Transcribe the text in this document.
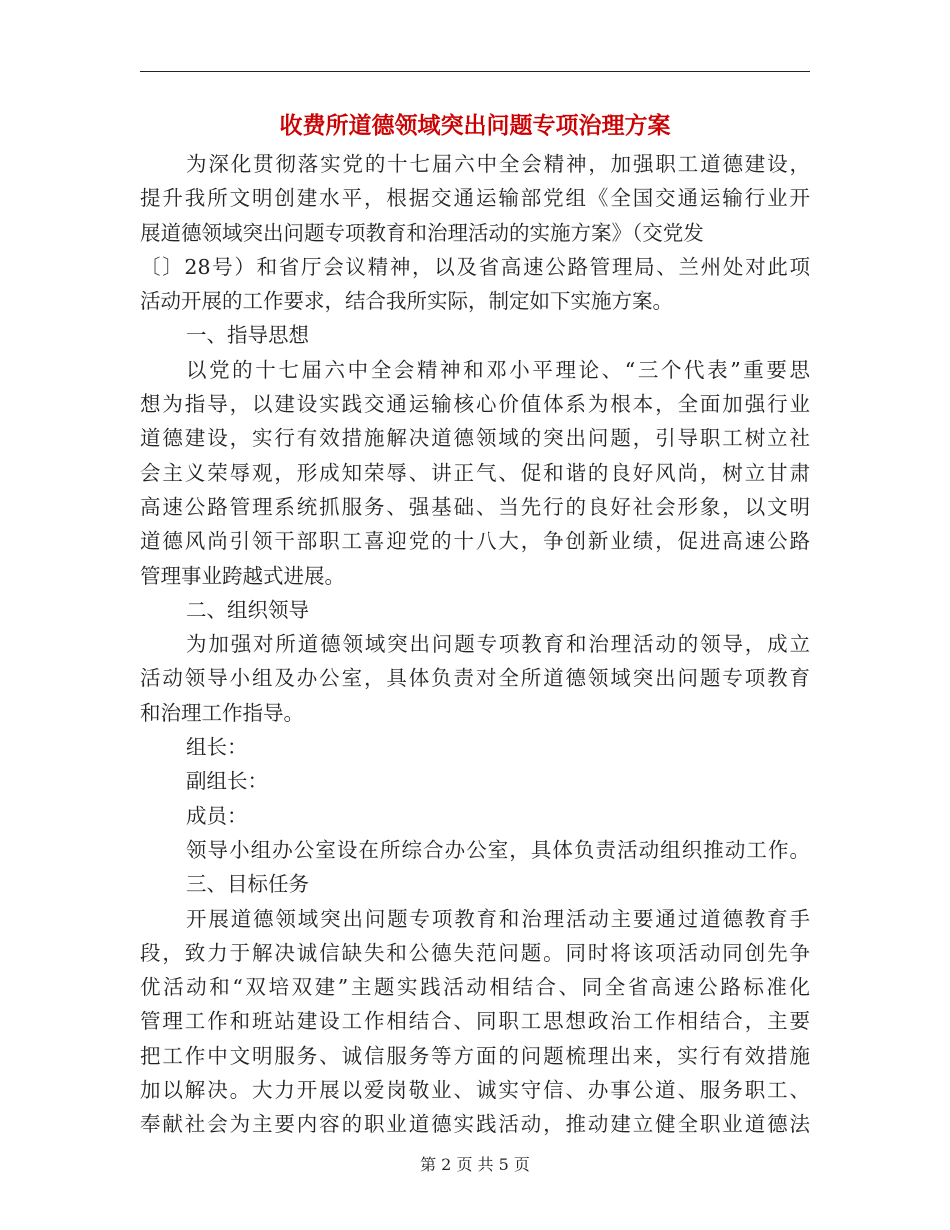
收费所道德领域突出问题专项治理方案
为深化贯彻落实党的十七届六中全会精神，加强职工道德建设，
提升我所文明创建水平，根据交通运输部党组《全国交通运输行业开
展道德领域突出问题专项教育和治理活动的实施方案》（交党发
〔〕28号）和省厅会议精神，以及省高速公路管理局、兰州处对此项
活动开展的工作要求，结合我所实际，制定如下实施方案。
一、指导思想
以党的十七届六中全会精神和邓小平理论、“三个代表”重要思
想为指导，以建设实践交通运输核心价值体系为根本，全面加强行业
道德建设，实行有效措施解决道德领域的突出问题，引导职工树立社
会主义荣辱观，形成知荣辱、讲正气、促和谐的良好风尚，树立甘肃
高速公路管理系统抓服务、强基础、当先行的良好社会形象，以文明
道德风尚引领干部职工喜迎党的十八大，争创新业绩，促进高速公路
管理事业跨越式进展。
二、组织领导
为加强对所道德领域突出问题专项教育和治理活动的领导，成立
活动领导小组及办公室，具体负责对全所道德领域突出问题专项教育
和治理工作指导。
组长：
副组长：
成员：
领导小组办公室设在所综合办公室，具体负责活动组织推动工作。
三、目标任务
开展道德领域突出问题专项教育和治理活动主要通过道德教育手
段，致力于解决诚信缺失和公德失范问题。同时将该项活动同创先争
优活动和“双培双建”主题实践活动相结合、同全省高速公路标准化
管理工作和班站建设工作相结合、同职工思想政治工作相结合，主要
把工作中文明服务、诚信服务等方面的问题梳理出来，实行有效措施
加以解决。大力开展以爱岗敬业、诚实守信、办事公道、服务职工、
奉献社会为主要内容的职业道德实践活动，推动建立健全职业道德法
第 2 页 共 5 页
